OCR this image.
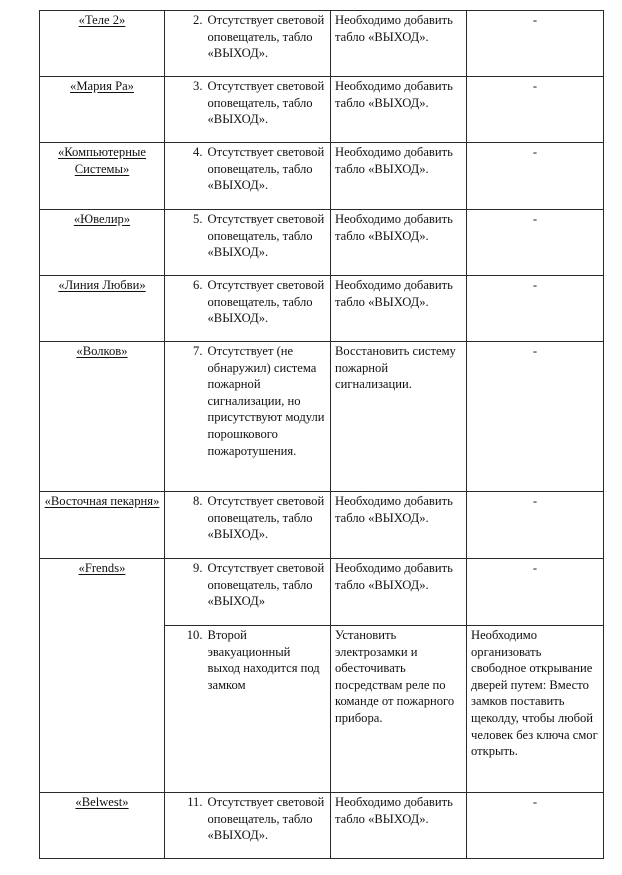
«Теле 2»	2.	Отсутствует световой оповещатель, табло «ВЫХОД».	Необходимо добавить табло «ВЫХОД».	-
«Мария Ра»	3.	Отсутствует световой оповещатель, табло «ВЫХОД».	Необходимо добавить табло «ВЫХОД».	-
«Компьютерные Системы»	4.	Отсутствует световой оповещатель, табло «ВЫХОД».	Необходимо добавить табло «ВЫХОД».	-
«Ювелир»	5.	Отсутствует световой оповещатель, табло «ВЫХОД».	Необходимо добавить табло «ВЫХОД».	-
«Линия Любви»	6.	Отсутствует световой оповещатель, табло «ВЫХОД».	Необходимо добавить табло «ВЫХОД».	-
«Волков»	7.	Отсутствует (не обнаружил) система пожарной сигнализации, но присутствуют модули порошкового пожаротушения.	Восстановить систему пожарной сигнализации.	-
«Восточная пекарня»	8.	Отсутствует световой оповещатель, табло «ВЫХОД».	Необходимо добавить табло «ВЫХОД».	-
«Frends»	9.	Отсутствует световой оповещатель, табло «ВЫХОД»	Необходимо добавить табло «ВЫХОД».	-
	10.	Второй эвакуационный выход находится под замком	Установить электрозамки и обесточивать посредствам реле по команде от пожарного прибора.	Необходимо организовать свободное открывание дверей путем: Вместо замков поставить щеколду, чтобы любой человек без ключа смог открыть.
«Belwest»	11.	Отсутствует световой оповещатель, табло «ВЫХОД».	Необходимо добавить табло «ВЫХОД».	-
